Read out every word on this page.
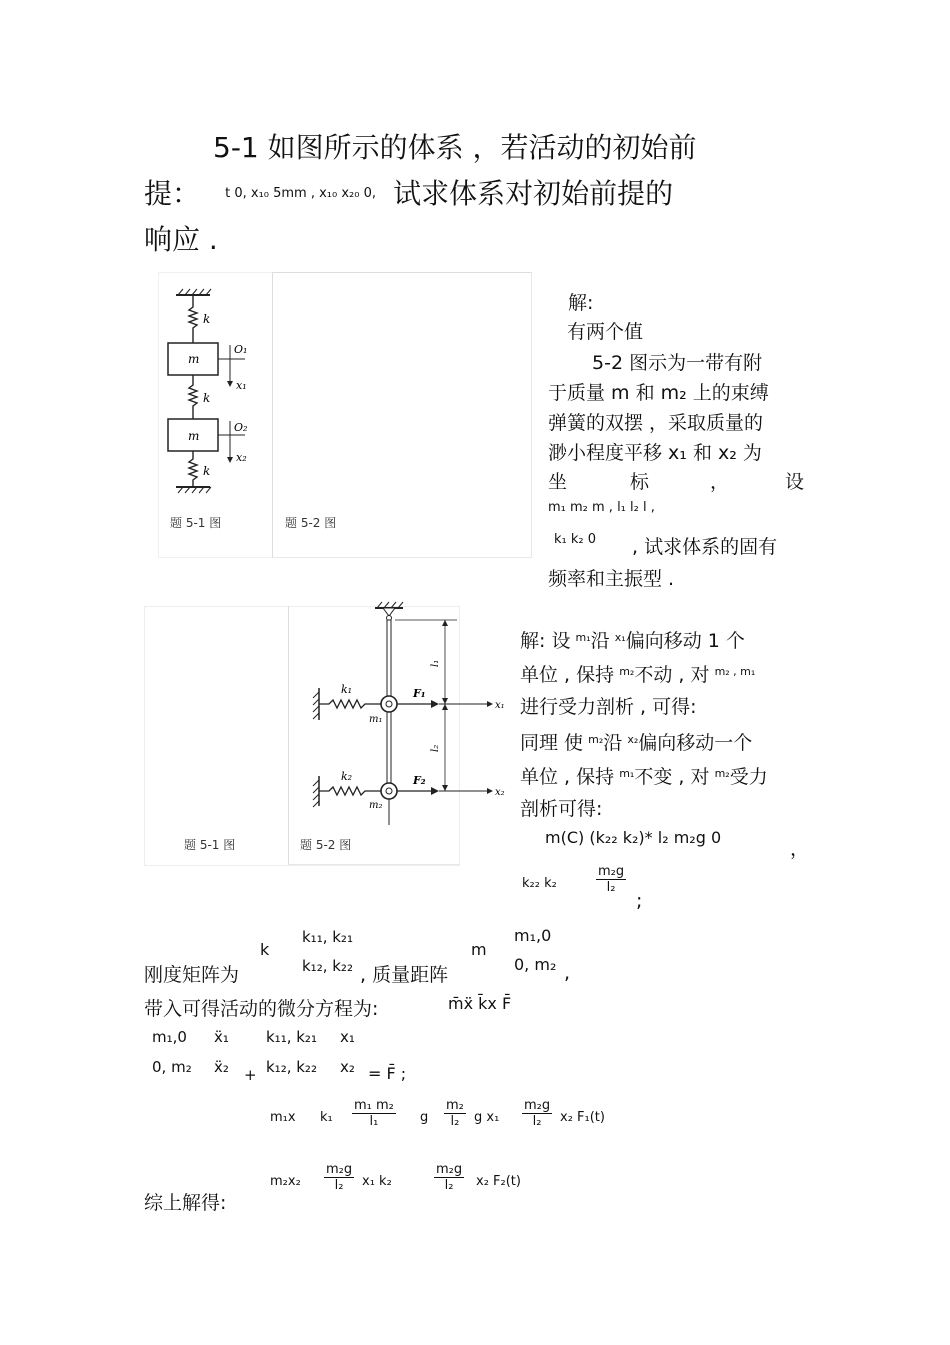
5-1 如图所示的体系 ，若活动的初始前
提： $^{t 0, x_{10} 5mm , x_{10} x_{20} 0,}$ 试求体系对初始前提的
响应 .
k
m
O₁
x₁
k
m
O₂
x₂
k
题 5-1 图	题 5-2 图
解:
有两个值
5-2 图示为一带有附
于质量 m 和 m₂ 上的束缚
弹簧的双摆 ，采取质量的
渺小程度平移 x₁ 和 x₂ 为
坐	标	，	设
m₁ m₂ m , l₁ l₂ l ,
k₁ k₂ 0 , 试求体系的固有
频率和主振型 .
k₁
k₂
m₁
m₂
F₁
F₂
x₁
x₂
l₁
l₂
题 5-1 图	题 5-2 图
解: 设 $^{m_1}$沿 $^{x_1}$偏向移动 1 个
单位 , 保持 $^{m_2}$不动 , 对 $^{m_2 , m_1}$
进行受力剖析 , 可得:
同理 使 $^{m_2}$沿 $^{x_2}$偏向移动一个
单位 , 保持 $^{m_1}$不变 , 对 $^{m_2}$受力
剖析可得:
m(C) (k₂₂ k₂)* l₂ m₂g 0
，
k₂₂ k₂	$\frac{\text{m₂g}}{\text{l₂}}$
;
刚度矩阵为
k
k₁₁, k₂₁
k₁₂, k₂₂ , 质量距阵
m
m₁,0
0, m₂ ,
带入可得活动的微分方程为:	m̄ẍ k̄x F̄
m₁,0 ẍ₁ k₁₁, k₂₁ x₁
0, m₂ ẍ₂ + k₁₂, k₂₂ x₂ = F̄ ;
m₁x $k_1 \frac{\text{m₁ m₂}}{\text{l₁}}$ g $\frac{\text{m₂}}{\text{l₂}}$ g $x_1 \frac{\text{m₂g}}{\text{l₂}} x_2$ F₁(t)
综上解得:
$m_2x_2 \frac{\text{m₂g}}{\text{l₂}} x_1$ k₂	$\frac{\text{m₂g}}{\text{l₂}} x_2$ F₂(t)
